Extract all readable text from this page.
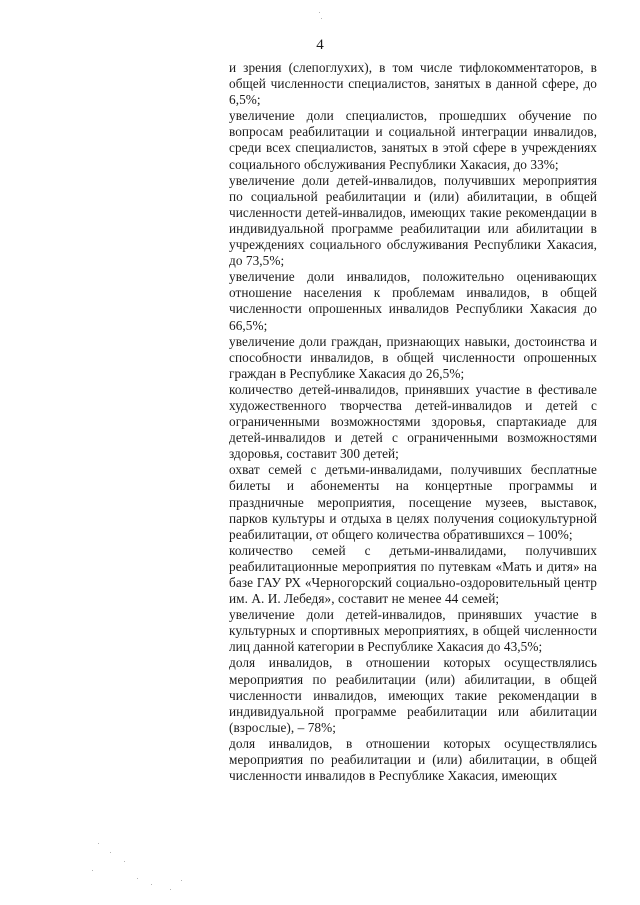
4

и зрения (слепоглухих), в том числе тифлокомментаторов, в общей численности специалистов, занятых в данной сфере, до 6,5%;

увеличение доли специалистов, прошедших обучение по вопросам реабилитации и социальной интеграции инвалидов, среди всех специалистов, занятых в этой сфере в учреждениях социального обслуживания Республики Хакасия, до 33%;

увеличение доли детей-инвалидов, получивших мероприятия по социальной реабилитации и (или) абилитации, в общей численности детей-инвалидов, имеющих такие рекомендации в индивидуальной программе реабилитации или абилитации в учреждениях социального обслуживания Республики Хакасия, до 73,5%;

увеличение доли инвалидов, положительно оценивающих отношение населения к проблемам инвалидов, в общей численности опрошенных инвалидов Республики Хакасия до 66,5%;

увеличение доли граждан, признающих навыки, достоинства и способности инвалидов, в общей численности опрошенных граждан в Республике Хакасия до 26,5%;

количество детей-инвалидов, принявших участие в фестивале художественного творчества детей-инвалидов и детей с ограниченными возможностями здоровья, спартакиаде для детей-инвалидов и детей с ограниченными возможностями здоровья, составит 300 детей;

охват семей с детьми-инвалидами, получивших бесплатные билеты и абонементы на концертные программы и праздничные мероприятия, посещение музеев, выставок, парков культуры и отдыха в целях получения социокультурной реабилитации, от общего количества обратившихся – 100%;

количество семей с детьми-инвалидами, получивших реабилитационные мероприятия по путевкам «Мать и дитя» на базе ГАУ РХ «Черногорский социально-оздоровительный центр им. А. И. Лебедя», составит не менее 44 семей;

увеличение доли детей-инвалидов, принявших участие в культурных и спортивных мероприятиях, в общей численности лиц данной категории в Республике Хакасия до 43,5%;

доля инвалидов, в отношении которых осуществлялись мероприятия по реабилитации (или) абилитации, в общей численности инвалидов, имеющих такие рекомендации в индивидуальной программе реабилитации или абилитации (взрослые), – 78%;

доля инвалидов, в отношении которых осуществлялись мероприятия по реабилитации и (или) абилитации, в общей численности инвалидов в Республике Хакасия, имеющих
